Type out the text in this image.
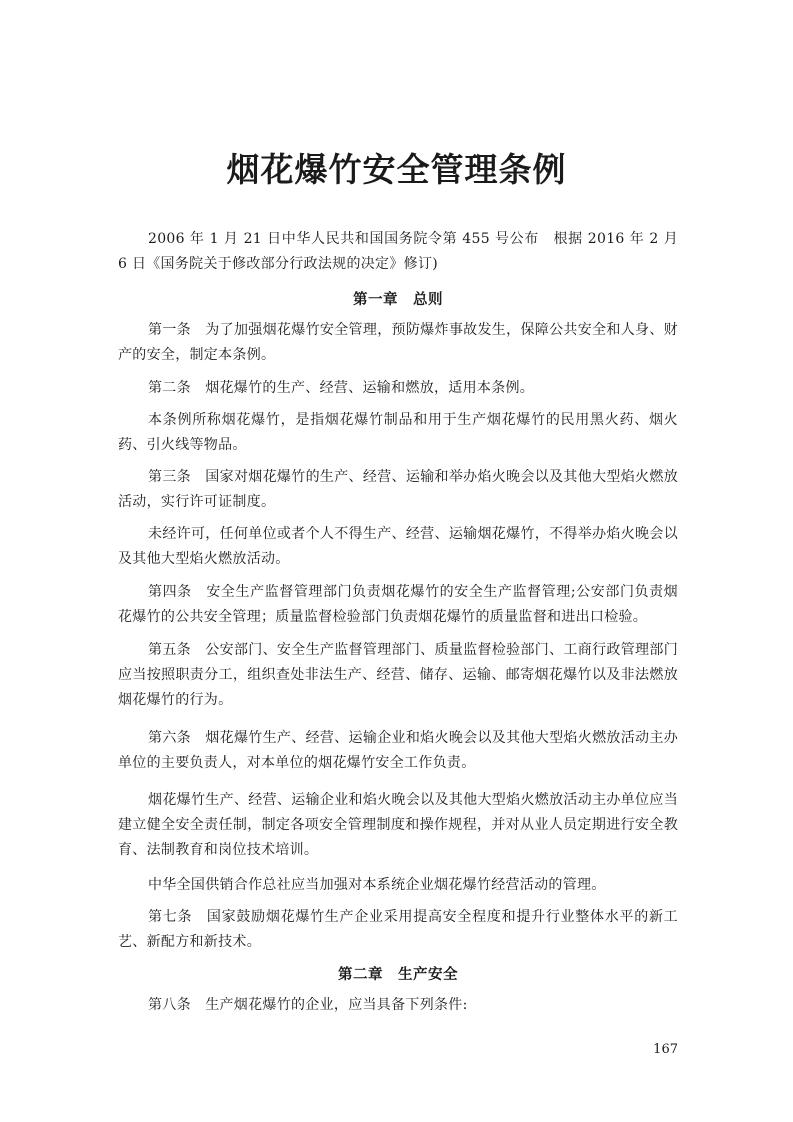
烟花爆竹安全管理条例

2006 年 1 月 21 日中华人民共和国国务院令第 455 号公布　根据 2016 年 2 月 6 日《国务院关于修改部分行政法规的决定》修订)

第一章　总则

第一条　为了加强烟花爆竹安全管理，预防爆炸事故发生，保障公共安全和人身、财产的安全，制定本条例。

第二条　烟花爆竹的生产、经营、运输和燃放，适用本条例。

本条例所称烟花爆竹，是指烟花爆竹制品和用于生产烟花爆竹的民用黑火药、烟火药、引火线等物品。

第三条　国家对烟花爆竹的生产、经营、运输和举办焰火晚会以及其他大型焰火燃放活动，实行许可证制度。

未经许可，任何单位或者个人不得生产、经营、运输烟花爆竹，不得举办焰火晚会以及其他大型焰火燃放活动。

第四条　安全生产监督管理部门负责烟花爆竹的安全生产监督管理;公安部门负责烟花爆竹的公共安全管理；质量监督检验部门负责烟花爆竹的质量监督和进出口检验。

第五条　公安部门、安全生产监督管理部门、质量监督检验部门、工商行政管理部门应当按照职责分工，组织查处非法生产、经营、储存、运输、邮寄烟花爆竹以及非法燃放烟花爆竹的行为。

第六条　烟花爆竹生产、经营、运输企业和焰火晚会以及其他大型焰火燃放活动主办单位的主要负责人，对本单位的烟花爆竹安全工作负责。

烟花爆竹生产、经营、运输企业和焰火晚会以及其他大型焰火燃放活动主办单位应当建立健全安全责任制，制定各项安全管理制度和操作规程，并对从业人员定期进行安全教育、法制教育和岗位技术培训。

中华全国供销合作总社应当加强对本系统企业烟花爆竹经营活动的管理。

第七条　国家鼓励烟花爆竹生产企业采用提高安全程度和提升行业整体水平的新工艺、新配方和新技术。

第二章　生产安全

第八条　生产烟花爆竹的企业，应当具备下列条件:

167
